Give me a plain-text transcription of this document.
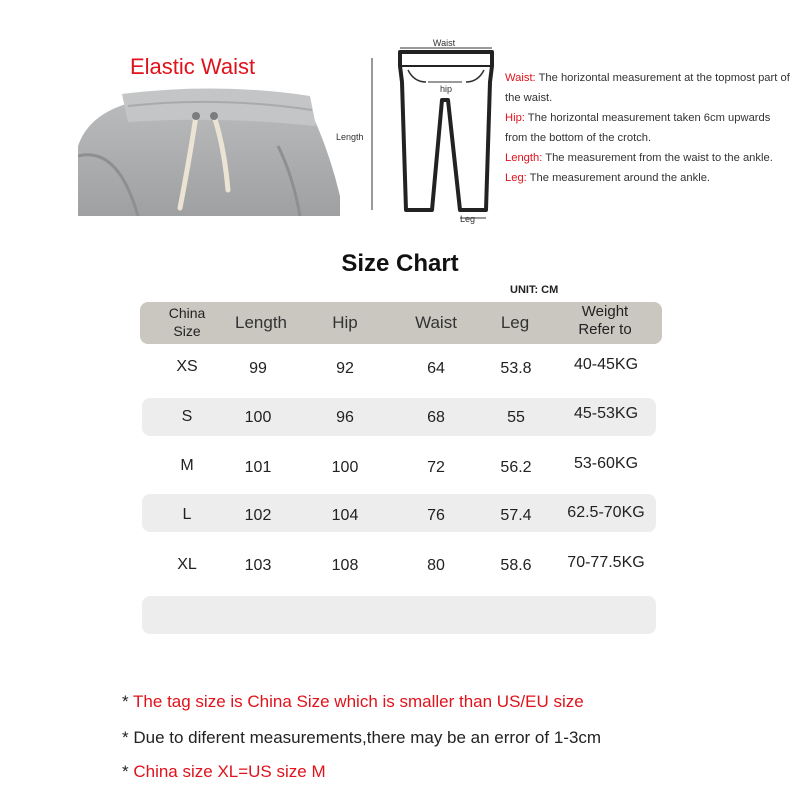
Elastic Waist
Waist
Length
hip
Leg
Waist: The horizontal measurement at the topmost part of the waist.
Hip: The horizontal measurement taken 6cm upwards from the bottom of the crotch.
Length: The measurement from the waist to the ankle.
Leg: The measurement around the ankle.
Size Chart
UNIT: CM
China
Size Length	Hip	Waist	Leg
Weight
Refer to
XS	99	92	64	53.8	40-45KG
S	100	96	68	55	45-53KG
M	101	100	72	56.2	53-60KG
L	102	104	76	57.4 62.5-70KG
XL	103	108	80	58.6 70-77.5KG
* The tag size is China Size which is smaller than US/EU size
* Due to diferent measurements,there may be an error of 1-3cm
* China size XL=US size M
